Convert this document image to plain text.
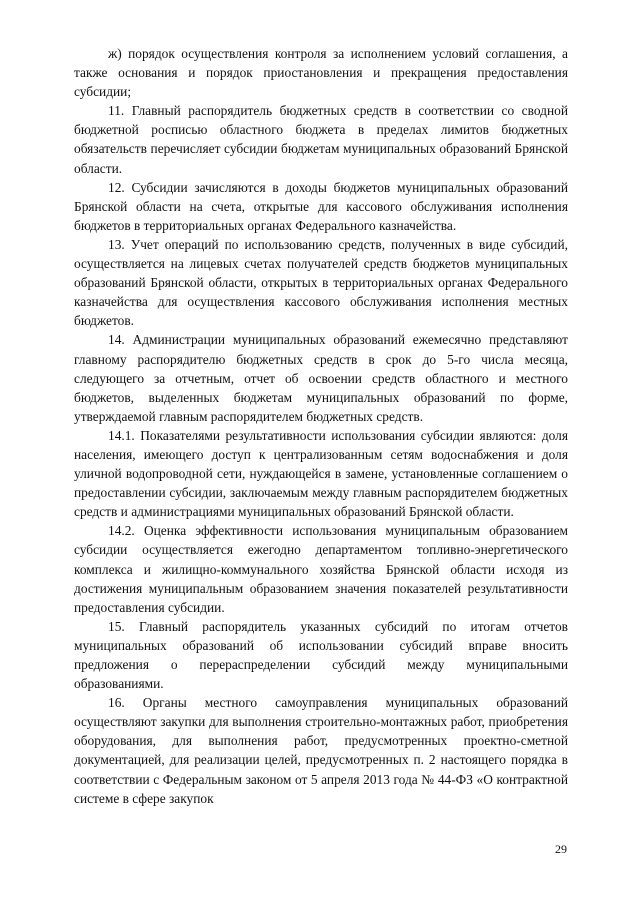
ж) порядок осуществления контроля за исполнением условий соглашения, а также основания и порядок приостановления и прекращения предоставления субсидии;

11. Главный распорядитель бюджетных средств в соответствии со сводной бюджетной росписью областного бюджета в пределах лимитов бюджетных обязательств перечисляет субсидии бюджетам муниципальных образований Брянской области.

12. Субсидии зачисляются в доходы бюджетов муниципальных образований Брянской области на счета, открытые для кассового обслуживания исполнения бюджетов в территориальных органах Федерального казначейства.

13. Учет операций по использованию средств, полученных в виде субсидий, осуществляется на лицевых счетах получателей средств бюджетов муниципальных образований Брянской области, открытых в территориальных органах Федерального казначейства для осуществления кассового обслуживания исполнения местных бюджетов.

14. Администрации муниципальных образований ежемесячно представляют главному распорядителю бюджетных средств в срок до 5-го числа месяца, следующего за отчетным, отчет об освоении средств областного и местного бюджетов, выделенных бюджетам муниципальных образований по форме, утверждаемой главным распорядителем бюджетных средств.

14.1. Показателями результативности использования субсидии являются: доля населения, имеющего доступ к централизованным сетям водоснабжения и доля уличной водопроводной сети, нуждающейся в замене, установленные соглашением о предоставлении субсидии, заключаемым между главным распорядителем бюджетных средств и администрациями муниципальных образований Брянской области.

14.2. Оценка эффективности использования муниципальным образованием субсидии осуществляется ежегодно департаментом топливно-энергетического комплекса и жилищно-коммунального хозяйства Брянской области исходя из достижения муниципальным образованием значения показателей результативности предоставления субсидии.

15. Главный распорядитель указанных субсидий по итогам отчетов муниципальных образований об использовании субсидий вправе вносить предложения о перераспределении субсидий между муниципальными образованиями.

16. Органы местного самоуправления муниципальных образований осуществляют закупки для выполнения строительно-монтажных работ, приобретения оборудования, для выполнения работ, предусмотренных проектно-сметной документацией, для реализации целей, предусмотренных п. 2 настоящего порядка в соответствии с Федеральным законом от 5 апреля 2013 года № 44-ФЗ «О контрактной системе в сфере закупок

29
